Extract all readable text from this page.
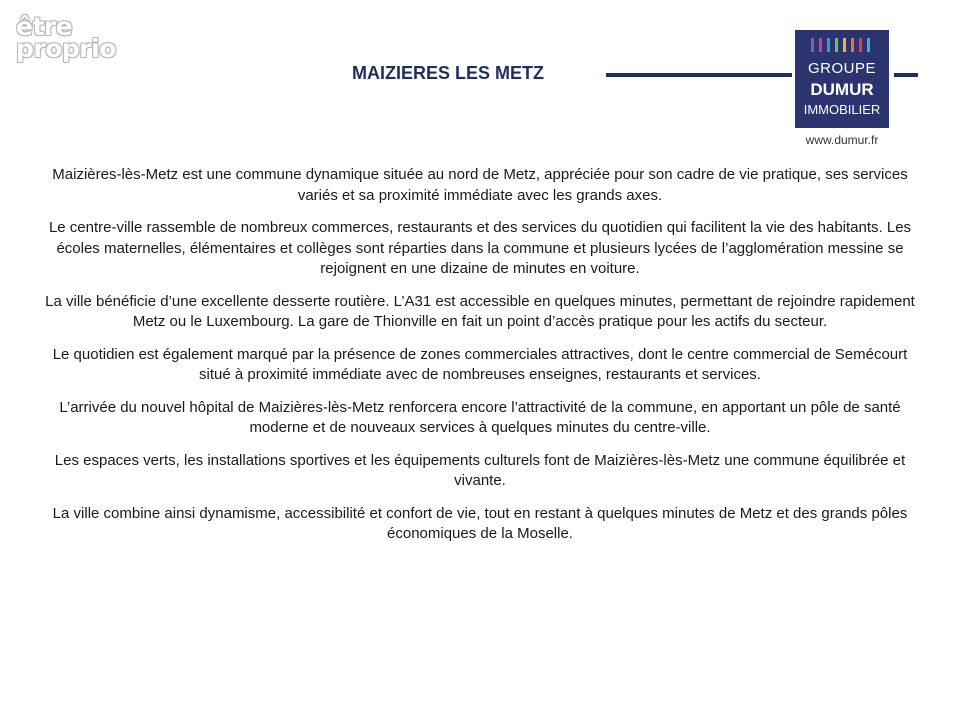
être
proprio
MAIZIERES LES METZ	GROUPE
DUMUR
IMMOBILIER
www.dumur.fr

Maizières-lès-Metz est une commune dynamique située au nord de Metz, appréciée pour son cadre de vie pratique, ses services variés et sa proximité immédiate avec les grands axes.

Le centre-ville rassemble de nombreux commerces, restaurants et des services du quotidien qui facilitent la vie des habitants. Les écoles maternelles, élémentaires et collèges sont réparties dans la commune et plusieurs lycées de l’agglomération messine se rejoignent en une dizaine de minutes en voiture.

La ville bénéficie d’une excellente desserte routière. L’A31 est accessible en quelques minutes, permettant de rejoindre rapidement Metz ou le Luxembourg. La gare de Thionville en fait un point d’accès pratique pour les actifs du secteur.

Le quotidien est également marqué par la présence de zones commerciales attractives, dont le centre commercial de Semécourt situé à proximité immédiate avec de nombreuses enseignes, restaurants et services.

L’arrivée du nouvel hôpital de Maizières-lès-Metz renforcera encore l’attractivité de la commune, en apportant un pôle de santé moderne et de nouveaux services à quelques minutes du centre-ville.

Les espaces verts, les installations sportives et les équipements culturels font de Maizières-lès-Metz une commune équilibrée et vivante.

La ville combine ainsi dynamisme, accessibilité et confort de vie, tout en restant à quelques minutes de Metz et des grands pôles économiques de la Moselle.
